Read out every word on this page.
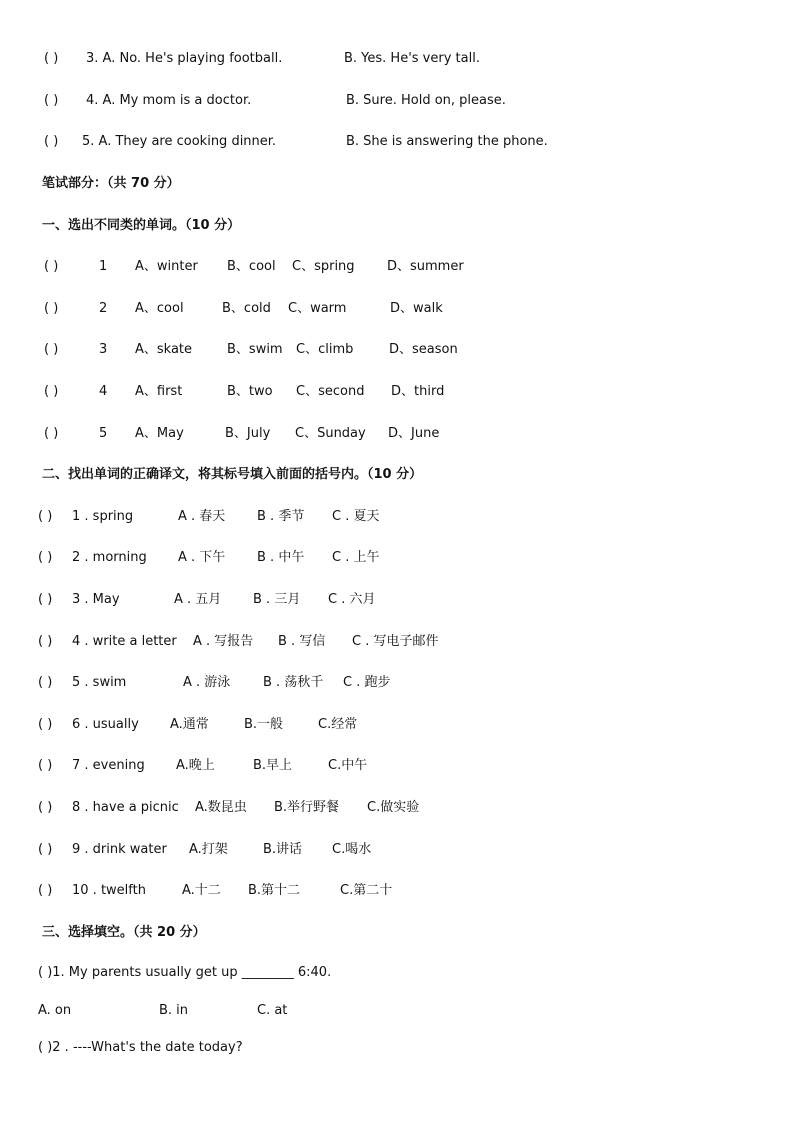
( ) 3. A. No. He's playing football.	B. Yes. He's very tall.
( ) 4. A. My mom is a doctor.	B. Sure. Hold on, please.
( ) 5. A. They are cooking dinner.	B. She is answering the phone.
笔试部分：（共 70 分）
一、选出不同类的单词。（10 分）
( )	1 A、winter B、cool C、spring D、summer
( )	2 A、cool	B、cold C、warm	D、walk
( )	3 A、skate	B、swim C、climb	D、season
( )	4 A、first	B、two C、second D、third
( )	5 A、May	B、July C、Sunday D、June
二、找出单词的正确译文，将其标号填入前面的括号内。（10 分）
( ) 1 . spring	A . 春天 B . 季节 C . 夏天
( ) 2 . morning A . 下午 B . 中午 C . 上午
( ) 3 . May	A . 五月 B . 三月 C . 六月
( ) 4 . write a letter A . 写报告 B . 写信 C . 写电子邮件
( ) 5 . swim	A . 游泳	B . 荡秋千 C . 跑步
( ) 6 . usually A.通常	B.一般	C.经常
( ) 7 . evening A.晚上	B.早上	C.中午
( ) 8 . have a picnic A.数昆虫 B.举行野餐 C.做实验
( ) 9 . drink water A.打架	B.讲话 C.喝水
( ) 10 . twelfth	A.十二 B.第十二	C.第二十
三、选择填空。（共 20 分）
( )1. My parents usually get up ________ 6:40.
A. on	B. in	C. at
( )2 . ----What's the date today?
